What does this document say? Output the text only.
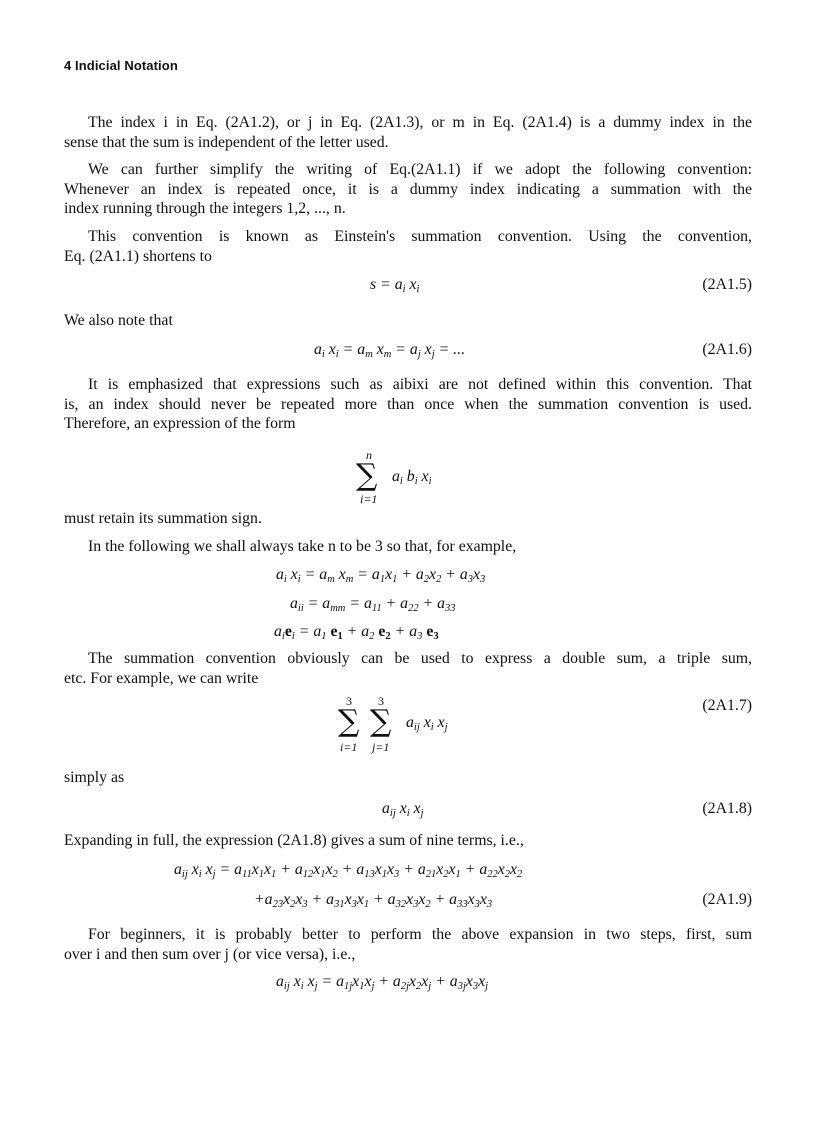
4 Indicial Notation
The index i in Eq. (2A1.2), or j in Eq. (2A1.3), or m in Eq. (2A1.4) is a dummy index in the
sense that the sum is independent of the letter used.
We can further simplify the writing of Eq.(2A1.1) if we adopt the following convention:
Whenever an index is repeated once, it is a dummy index indicating a summation with the
index running through the integers 1,2, ..., n.
This convention is known as Einstein's summation convention. Using the convention,
Eq. (2A1.1) shortens to
$s = a_i$ $x_i$	(2A1.5)
We also note that
$a_i$ $x_i = a_m$ $x_m = a_j$ $x_j$ = ...	(2A1.6)
It is emphasized that expressions such as aibixi are not defined within this convention. That
is, an index should never be repeated more than once when the summation convention is used.
Therefore, an expression of the form
n
∑ $a_i$ $b_i$ $x_i$
i=1
must retain its summation sign.
In the following we shall always take n to be 3 so that, for example,
$a_i$ $x_i = a_m$ $x_m = a_1x_1 + a_2x_2 + a_3x_3$
$a_{ii} = a_{mm} = a_{11} + a_{22} + a_{33}$
$a_ie_i = a_1$ $e_1 + a_2$ $e_2 + a_3$ $e_3$
The summation convention obviously can be used to express a double sum, a triple sum,
etc. For example, we can write
(2A1.7)
3 3
∑ ∑ $a_{ij}$ $x_i$ $x_j$
i=1 j=1
simply as
$a_{ij}$ $x_i$ $x_j$	(2A1.8)
Expanding in full, the expression (2A1.8) gives a sum of nine terms, i.e.,
$a_{ij}$ $x_i$ $x_j = a_{11}x_1x_1 + a_{12}x_1x_2 + a_{13}x_1x_3 + a_{21}x_2x_1 + a_{22}x_2x_2$
$+a_{23}x_2x_3 + a_{31}x_3x_1 + a_{32}x_3x_2 + a_{33}x_3x_3$	(2A1.9)
For beginners, it is probably better to perform the above expansion in two steps, first, sum
over i and then sum over j (or vice versa), i.e.,
$a_{ij}$ $x_i$ $x_j = a_{1j}x_1x_j + a_{2j}x_2x_j + a_{3j}x_3x_j$
